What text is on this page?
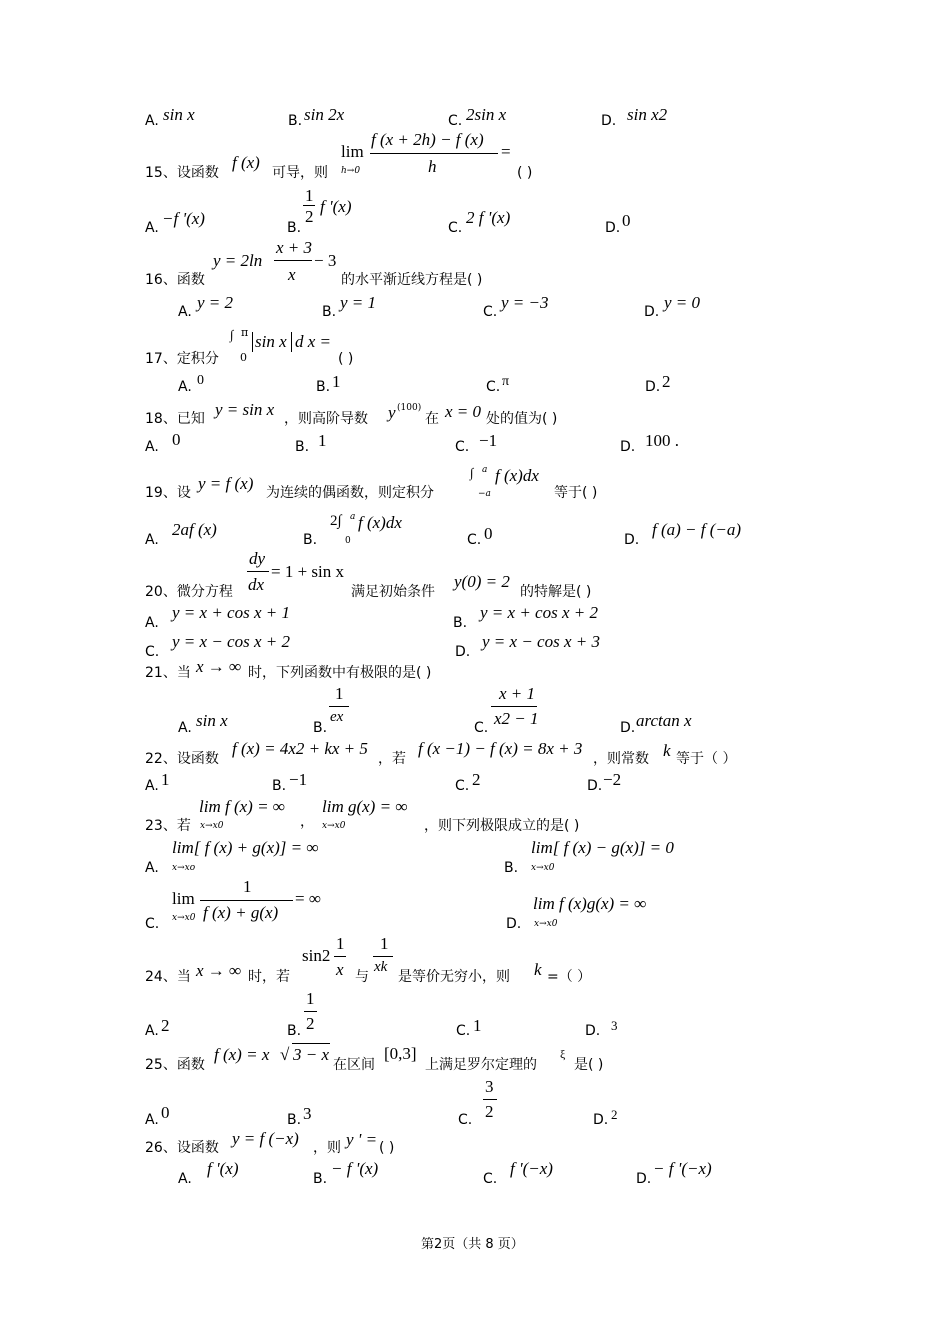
A. sin x	B. sin 2x	C. 2sin x	D. sin x2
15、设函数
f (x)
可导，则
lim
h→0
f (x + 2h) − f (x)
h
=
( )
A. −f '(x)	B.
1
2
f '(x)
C.
2 f '(x)
D. 0
16、函数
y = 2ln
x + 3
x
− 3
的水平渐近线方程是( )
A. y = 2	B. y = 1	C. y = −3	D. y = 0
17、定积分
∫ π
0
sin x d x =
( )
A. 0	B. 1	C. π	D. 2
18、已知 y = sin x ，则高阶导数 y (100)
在 x = 0 处的值为( )
A. 0	B. 1	C. −1	D. 100 .
19、设 y = f (x) 为连续的偶函数，则定积分
∫ a
−a
f (x)dx
等于( )
A.
2af (x)
B.
2∫ a
0
f (x)dx
C. 0	D.
f (a) − f (−a)
20、微分方程
dy
dx
= 1 + sin x
满足初始条件
y(0) = 2
的特解是( )
A.
y = x + cos x + 1
B.
y = x + cos x + 2
C.
y = x − cos x + 2
D.
y = x − cos x + 3
21、当 x → ∞ 时，下列函数中有极限的是( )
A. sin x	B.
1
ex
C.
x + 1
x2 − 1	D. arctan x
22、设函数
f (x) = 4x2 + kx + 5
，若
f (x −1) − f (x) = 8x + 3
，则常数 k 等于（ ）
A. 1	B. −1	C. 2	D. −2
23、若
lim f (x) = ∞
x→x0	，
lim g(x) = ∞
x→x0	，则下列极限成立的是( )
A.
lim[ f (x) + g(x)] = ∞
x→xo	B.
lim[ f (x) − g(x)] = 0
x→x0
C.
lim
x→x0
1
f (x) + g(x)
= ∞
D.
lim f (x)g(x) = ∞
x→x0
24、当 x → ∞ 时，若
sin2
1
x 与
1
xk
是等价无穷小，则 k =（ ）
A. 2	B.
1
2	C. 1	D. 3
25、函数
f (x) = x √ 3 − x
在区间
[0,3]
上满足罗尔定理的
ξ
是( )
A. 0	B. 3	C.
3
2	D. 2
26、设函数 y = f (−x) ，则 y ' = ( )
A.
f '(x)
B.
− f '(x)
C.
f '(−x)
D.
− f '(−x)
第2页（共 8 页）
